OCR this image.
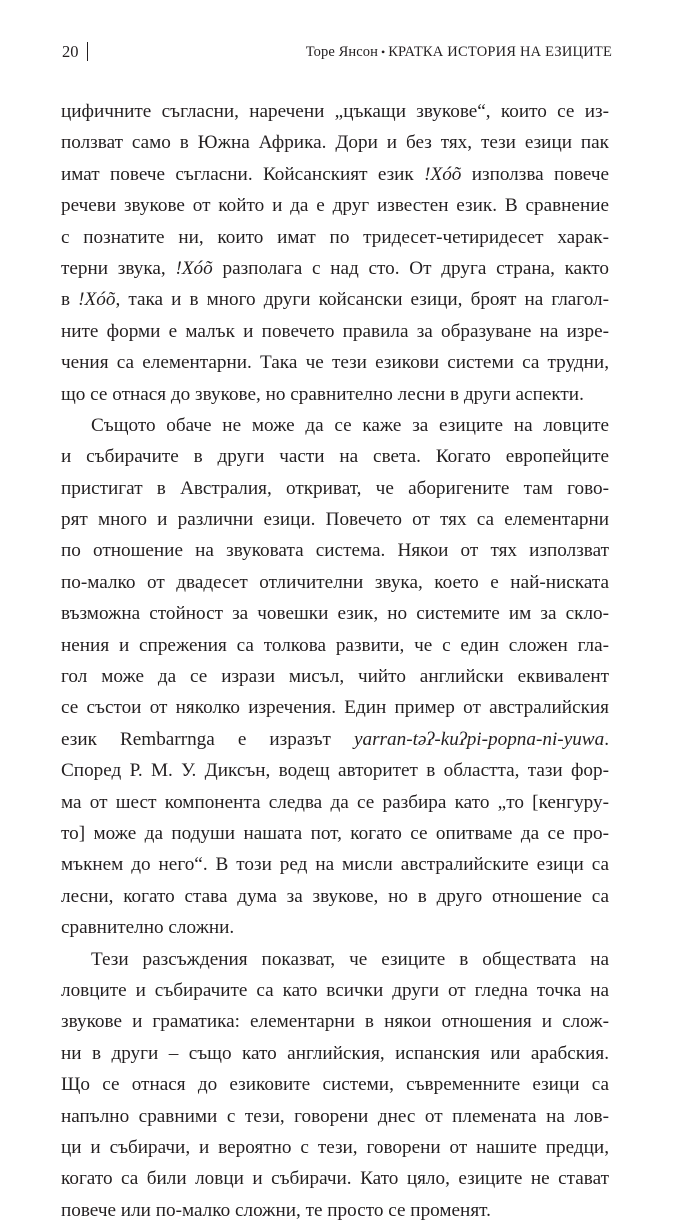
20	Торе Янсон • КРАТКА ИСТОРИЯ НА ЕЗИЦИТЕ
цифичните съгласни, наречени „цъкащи звукове“, които се из-
ползват само в Южна Африка. Дори и без тях, тези езици пак
имат повече съгласни. Койсанският език !Xóõ използва повече
речеви звукове от който и да е друг известен език. В сравнение
с познатите ни, които имат по тридесет-четиридесет харак-
терни звука, !Xóõ разполага с над сто. От друга страна, както
в !Xóõ, така и в много други койсански езици, броят на глагол-
ните форми е малък и повечето правила за образуване на изре-
чения са елементарни. Така че тези езикови системи са трудни,
що се отнася до звукове, но сравнително лесни в други аспекти.
Същото обаче не може да се каже за езиците на ловците
и събирачите в други части на света. Когато европейците
пристигат в Австралия, откриват, че аборигените там гово-
рят много и различни езици. Повечето от тях са елементарни
по отношение на звуковата система. Някои от тях използват
по-малко от двадесет отличителни звука, което е най-ниската
възможна стойност за човешки език, но системите им за скло-
нения и спрежения са толкова развити, че с един сложен гла-
гол може да се изрази мисъл, чийто английски еквивалент
се състои от няколко изречения. Един пример от австралийския
език Rembarrnga е изразът yarran-təʔ-kuʔpi-popna-ni-yuwa.
Според Р. М. У. Диксън, водещ авторитет в областта, тази фор-
ма от шест компонента следва да се разбира като „то [кенгуру-
то] може да подуши нашата пот, когато се опитваме да се про-
мъкнем до него“. В този ред на мисли австралийските езици са
лесни, когато става дума за звукове, но в друго отношение са
сравнително сложни.
Тези разсъждения показват, че езиците в обществата на
ловците и събирачите са като всички други от гледна точка на
звукове и граматика: елементарни в някои отношения и слож-
ни в други – също като английския, испанския или арабския.
Що се отнася до езиковите системи, съвременните езици са
напълно сравними с тези, говорени днес от племената на лов-
ци и събирачи, и вероятно с тези, говорени от нашите предци,
когато са били ловци и събирачи. Като цяло, езиците не стават
повече или по-малко сложни, те просто се променят.
